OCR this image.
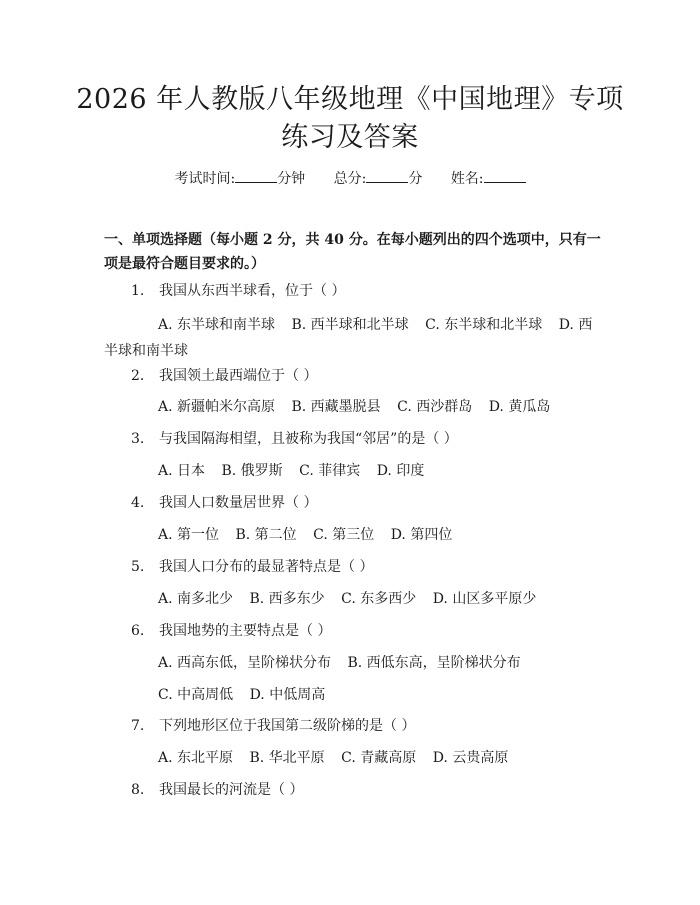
2026 年人教版八年级地理《中国地理》专项
练习及答案
考试时间:	分钟 总分:	分 姓名:
一、单项选择题（每小题 2 分，共 40 分。在每小题列出的四个选项中，只有一项是最符合题目要求的。）
1. 我国从东西半球看，位于（ ）
A. 东半球和南半球 B. 西半球和北半球 C. 东半球和北半球 D. 西半球和南半球
2. 我国领土最西端位于（ ）
A. 新疆帕米尔高原 B. 西藏墨脱县 C. 西沙群岛 D. 黄瓜岛
3. 与我国隔海相望，且被称为我国“邻居”的是（ ）
A. 日本 B. 俄罗斯 C. 菲律宾 D. 印度
4. 我国人口数量居世界（ ）
A. 第一位 B. 第二位 C. 第三位 D. 第四位
5. 我国人口分布的最显著特点是（ ）
A. 南多北少 B. 西多东少 C. 东多西少 D. 山区多平原少
6. 我国地势的主要特点是（ ）
A. 西高东低，呈阶梯状分布 B. 西低东高，呈阶梯状分布
C. 中高周低 D. 中低周高
7. 下列地形区位于我国第二级阶梯的是（ ）
A. 东北平原 B. 华北平原 C. 青藏高原 D. 云贵高原
8. 我国最长的河流是（ ）
